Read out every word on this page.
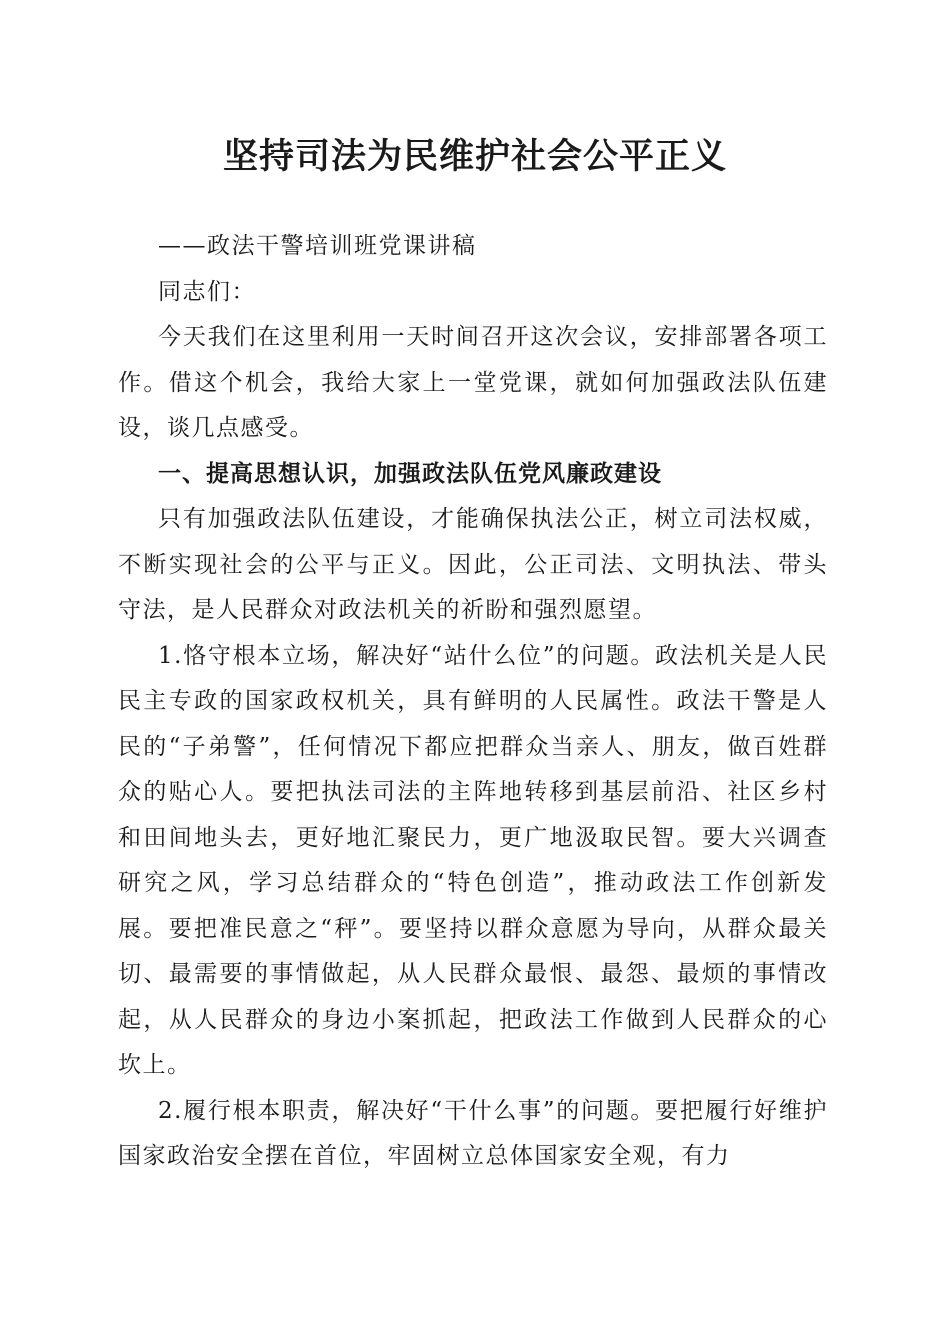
坚持司法为民维护社会公平正义

——政法干警培训班党课讲稿

同志们：

今天我们在这里利用一天时间召开这次会议，安排部署各项工作。借这个机会，我给大家上一堂党课，就如何加强政法队伍建设，谈几点感受。

一、提高思想认识，加强政法队伍党风廉政建设

只有加强政法队伍建设，才能确保执法公正，树立司法权威，不断实现社会的公平与正义。因此，公正司法、文明执法、带头守法，是人民群众对政法机关的祈盼和强烈愿望。

1.恪守根本立场，解决好“站什么位”的问题。政法机关是人民民主专政的国家政权机关，具有鲜明的人民属性。政法干警是人民的“子弟警”，任何情况下都应把群众当亲人、朋友，做百姓群众的贴心人。要把执法司法的主阵地转移到基层前沿、社区乡村和田间地头去，更好地汇聚民力，更广地汲取民智。要大兴调查研究之风，学习总结群众的“特色创造”，推动政法工作创新发展。要把准民意之“秤”。要坚持以群众意愿为导向，从群众最关切、最需要的事情做起，从人民群众最恨、最怨、最烦的事情改起，从人民群众的身边小案抓起，把政法工作做到人民群众的心坎上。

2.履行根本职责，解决好“干什么事”的问题。要把履行好维护国家政治安全摆在首位，牢固树立总体国家安全观，有力
